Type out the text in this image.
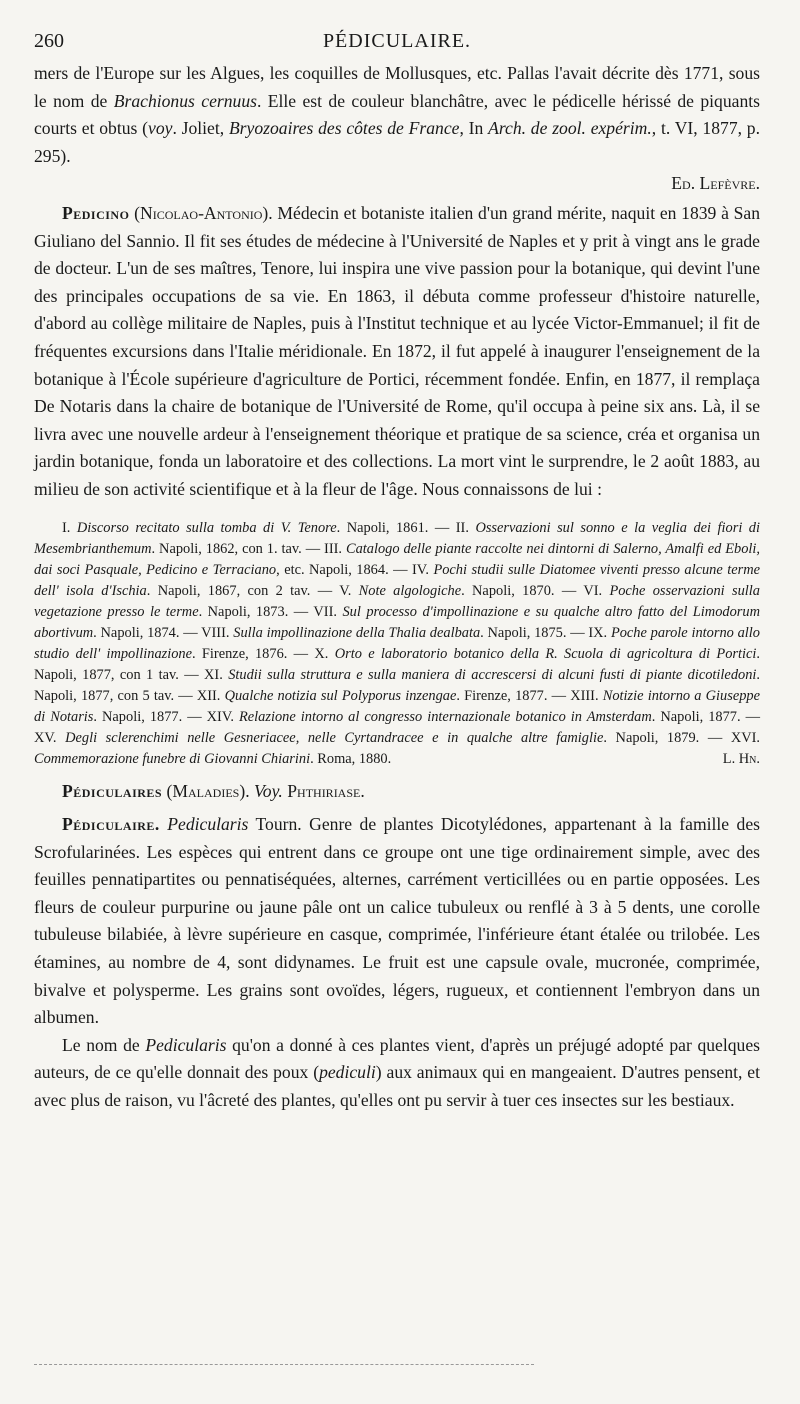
260	PÉDICULAIRE.

mers de l'Europe sur les Algues, les coquilles de Mollusques, etc. Pallas l'avait décrite dès 1771, sous le nom de Brachionus cernuus. Elle est de couleur blanchâtre, avec le pédicelle hérissé de piquants courts et obtus (voy. Joliet, Bryozoaires des côtes de France, In Arch. de zool. expérim., t. VI, 1877, p. 295).

Ed. Lefèvre.

Pedicino (Nicolao-Antonio). Médecin et botaniste italien d'un grand mérite, naquit en 1839 à San Giuliano del Sannio. Il fit ses études de médecine à l'Université de Naples et y prit à vingt ans le grade de docteur. L'un de ses maîtres, Tenore, lui inspira une vive passion pour la botanique, qui devint l'une des principales occupations de sa vie. En 1863, il débuta comme professeur d'histoire naturelle, d'abord au collège militaire de Naples, puis à l'Institut technique et au lycée Victor-Emmanuel; il fit de fréquentes excursions dans l'Italie méridionale. En 1872, il fut appelé à inaugurer l'enseignement de la botanique à l'École supérieure d'agriculture de Portici, récemment fondée. Enfin, en 1877, il remplaça De Notaris dans la chaire de botanique de l'Université de Rome, qu'il occupa à peine six ans. Là, il se livra avec une nouvelle ardeur à l'enseignement théorique et pratique de sa science, créa et organisa un jardin botanique, fonda un laboratoire et des collections. La mort vint le surprendre, le 2 août 1883, au milieu de son activité scientifique et à la fleur de l'âge. Nous connaissons de lui :

I. Discorso recitato sulla tomba di V. Tenore. Napoli, 1861. — II. Osservazioni sul sonno e la veglia dei fiori di Mesembrianthemum. Napoli, 1862, con 1. tav. — III. Catalogo delle piante raccolte nei dintorni di Salerno, Amalfi ed Eboli, dai soci Pasquale, Pedicino e Terraciano, etc. Napoli, 1864. — IV. Pochi studii sulle Diatomee viventi presso alcune terme dell' isola d'Ischia. Napoli, 1867, con 2 tav. — V. Note algologiche. Napoli, 1870. — VI. Poche osservazioni sulla vegetazione presso le terme. Napoli, 1873. — VII. Sul processo d'impollinazione e su qualche altro fatto del Limodorum abortivum. Napoli, 1874. — VIII. Sulla impollinazione della Thalia dealbata. Napoli, 1875. — IX. Poche parole intorno allo studio dell' impollinazione. Firenze, 1876. — X. Orto e laboratorio botanico della R. Scuola di agricoltura di Portici. Napoli, 1877, con 1 tav. — XI. Studii sulla struttura e sulla maniera di accrescersi di alcuni fusti di piante dicotiledoni. Napoli, 1877, con 5 tav. — XII. Qualche notizia sul Polyporus inzengae. Firenze, 1877. — XIII. Notizie intorno a Giuseppe di Notaris. Napoli, 1877. — XIV. Relazione intorno al congresso internazionale botanico in Amsterdam. Napoli, 1877. — XV. Degli sclerenchimi nelle Gesneriacee, nelle Cyrtandracee e in qualche altre famiglie. Napoli, 1879. — XVI. Commemorazione funebre di Giovanni Chiarini. Roma, 1880.	L. Hn.

Pédiculaires (Maladies). Voy. Phthiriase.

Pédiculaire. Pedicularis Tourn. Genre de plantes Dicotylédones, appartenant à la famille des Scrofularinées. Les espèces qui entrent dans ce groupe ont une tige ordinairement simple, avec des feuilles pennatipartites ou pennatiséquées, alternes, carrément verticillées ou en partie opposées. Les fleurs de couleur purpurine ou jaune pâle ont un calice tubuleux ou renflé à 3 à 5 dents, une corolle tubuleuse bilabiée, à lèvre supérieure en casque, comprimée, l'inférieure étant étalée ou trilobée. Les étamines, au nombre de 4, sont didynames. Le fruit est une capsule ovale, mucronée, comprimée, bivalve et polysperme. Les grains sont ovoïdes, légers, rugueux, et contiennent l'embryon dans un albumen.

Le nom de Pedicularis qu'on a donné à ces plantes vient, d'après un préjugé adopté par quelques auteurs, de ce qu'elle donnait des poux (pediculi) aux animaux qui en mangeaient. D'autres pensent, et avec plus de raison, vu l'âcreté des plantes, qu'elles ont pu servir à tuer ces insectes sur les bestiaux.
